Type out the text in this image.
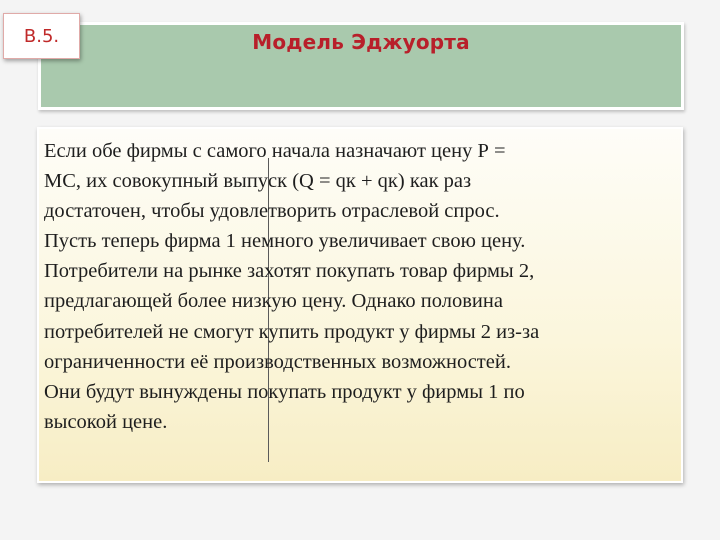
Модель Эджуорта
В.5.

Если обе фирмы с самого начала назначают цену Р =
МС, их совокупный выпуск (Q = qк + qк) как раз
достаточен, чтобы удовлетворить отраслевой спрос.
Пусть теперь фирма 1 немного увеличивает свою цену.
Потребители на рынке захотят покупать товар фирмы 2,
предлагающей более низкую цену. Однако половина
потребителей не смогут купить продукт у фирмы 2 из-за
ограниченности её производственных возможностей.
Они будут вынуждены покупать продукт у фирмы 1 по
высокой цене.
